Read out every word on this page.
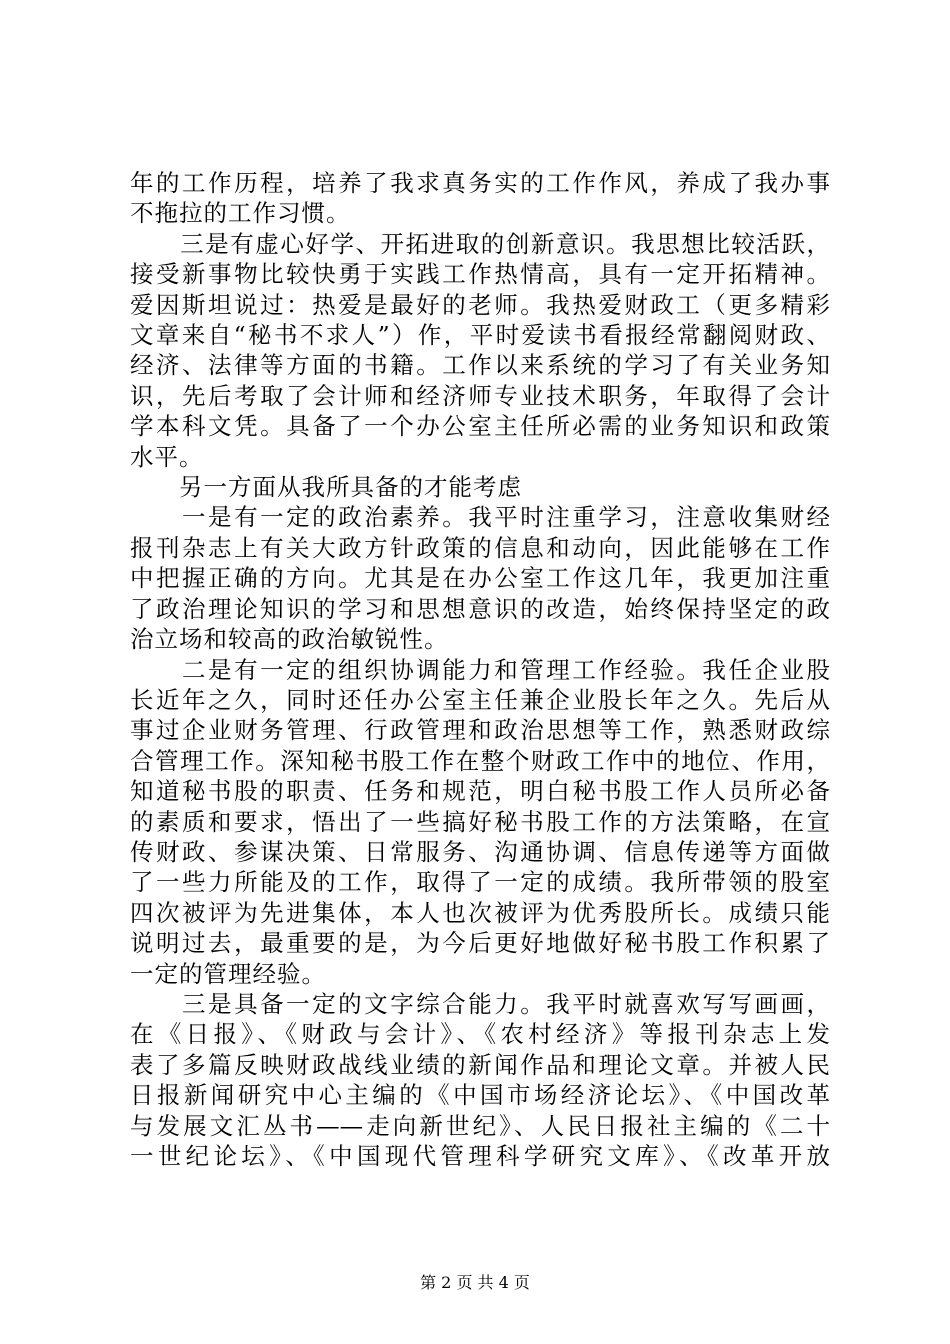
年的工作历程，培养了我求真务实的工作作风，养成了我办事
不拖拉的工作习惯。
　　三是有虚心好学、开拓进取的创新意识。我思想比较活跃，
接受新事物比较快勇于实践工作热情高，具有一定开拓精神。
爱因斯坦说过：热爱是最好的老师。我热爱财政工（更多精彩
文章来自“秘书不求人”）作，平时爱读书看报经常翻阅财政、
经济、法律等方面的书籍。工作以来系统的学习了有关业务知
识，先后考取了会计师和经济师专业技术职务，年取得了会计
学本科文凭。具备了一个办公室主任所必需的业务知识和政策
水平。
　　另一方面从我所具备的才能考虑
　　一是有一定的政治素养。我平时注重学习，注意收集财经
报刊杂志上有关大政方针政策的信息和动向，因此能够在工作
中把握正确的方向。尤其是在办公室工作这几年，我更加注重
了政治理论知识的学习和思想意识的改造，始终保持坚定的政
治立场和较高的政治敏锐性。
　　二是有一定的组织协调能力和管理工作经验。我任企业股
长近年之久，同时还任办公室主任兼企业股长年之久。先后从
事过企业财务管理、行政管理和政治思想等工作，熟悉财政综
合管理工作。深知秘书股工作在整个财政工作中的地位、作用，
知道秘书股的职责、任务和规范，明白秘书股工作人员所必备
的素质和要求，悟出了一些搞好秘书股工作的方法策略，在宣
传财政、参谋决策、日常服务、沟通协调、信息传递等方面做
了一些力所能及的工作，取得了一定的成绩。我所带领的股室
四次被评为先进集体，本人也次被评为优秀股所长。成绩只能
说明过去，最重要的是，为今后更好地做好秘书股工作积累了
一定的管理经验。
　　三是具备一定的文字综合能力。我平时就喜欢写写画画，
在《日报》、《财政与会计》、《农村经济》等报刊杂志上发
表了多篇反映财政战线业绩的新闻作品和理论文章。并被人民
日报新闻研究中心主编的《中国市场经济论坛》、《中国改革
与发展文汇丛书——走向新世纪》、人民日报社主编的《二十
一世纪论坛》、《中国现代管理科学研究文库》、《改革开放
第 2 页 共 4 页
